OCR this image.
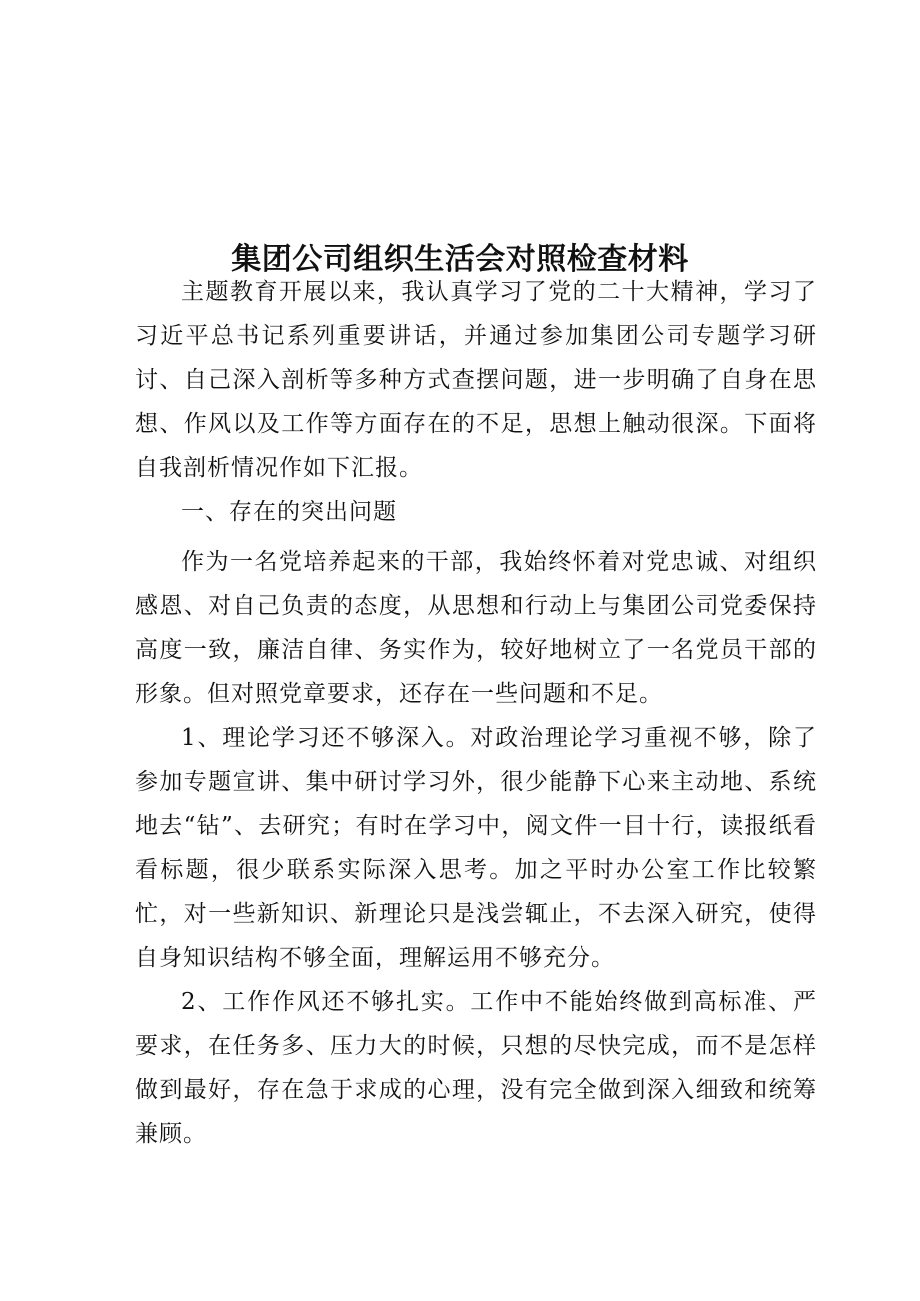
集团公司组织生活会对照检查材料

主题教育开展以来，我认真学习了党的二十大精神，学习了习近平总书记系列重要讲话，并通过参加集团公司专题学习研讨、自己深入剖析等多种方式查摆问题，进一步明确了自身在思想、作风以及工作等方面存在的不足，思想上触动很深。下面将自我剖析情况作如下汇报。

一、存在的突出问题

作为一名党培养起来的干部，我始终怀着对党忠诚、对组织感恩、对自己负责的态度，从思想和行动上与集团公司党委保持高度一致，廉洁自律、务实作为，较好地树立了一名党员干部的形象。但对照党章要求，还存在一些问题和不足。

1、理论学习还不够深入。对政治理论学习重视不够，除了参加专题宣讲、集中研讨学习外，很少能静下心来主动地、系统地去“钻”、去研究；有时在学习中，阅文件一目十行，读报纸看看标题，很少联系实际深入思考。加之平时办公室工作比较繁忙，对一些新知识、新理论只是浅尝辄止，不去深入研究，使得自身知识结构不够全面，理解运用不够充分。

2、工作作风还不够扎实。工作中不能始终做到高标准、严要求，在任务多、压力大的时候，只想的尽快完成，而不是怎样做到最好，存在急于求成的心理，没有完全做到深入细致和统筹兼顾。
